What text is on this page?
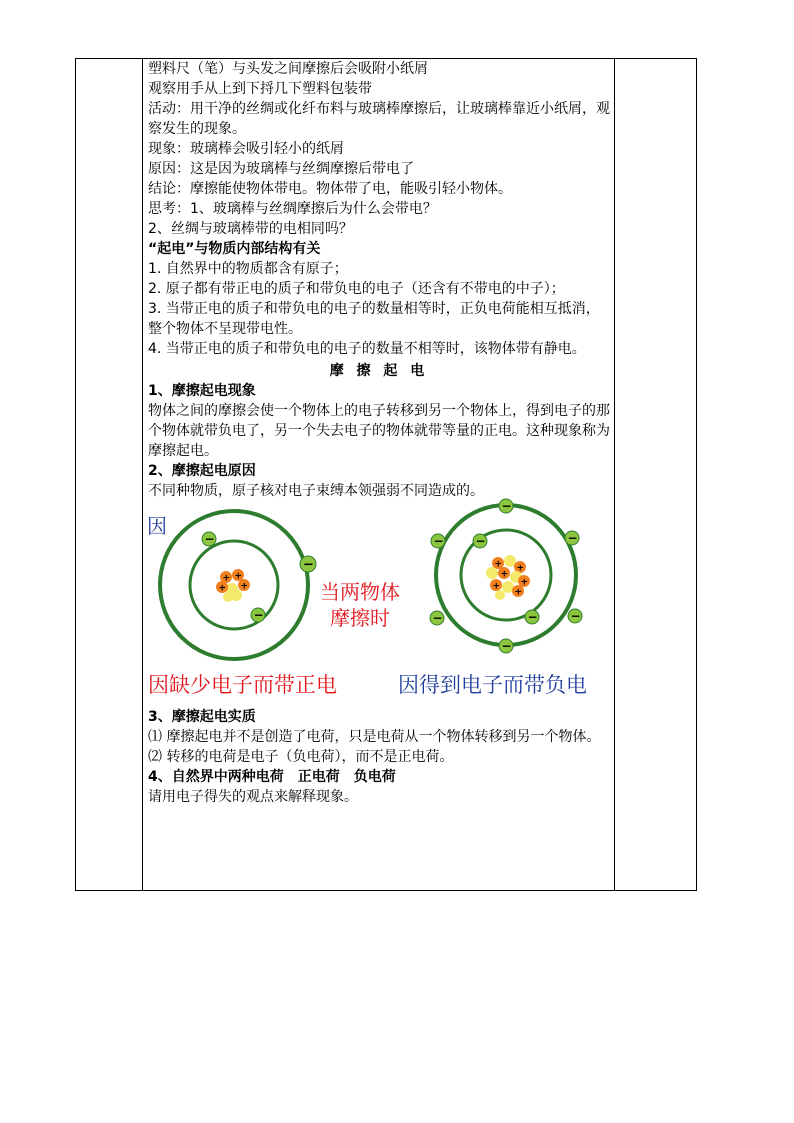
塑料尺（笔）与头发之间摩擦后会吸附小纸屑

观察用手从上到下捋几下塑料包装带

活动：用干净的丝绸或化纤布料与玻璃棒摩擦后，让玻璃棒靠近小纸屑，观察发生的现象。

现象：玻璃棒会吸引轻小的纸屑

原因：这是因为玻璃棒与丝绸摩擦后带电了

结论：摩擦能使物体带电。物体带了电，能吸引轻小物体。

思考：1、玻璃棒与丝绸摩擦后为什么会带电？

2、丝绸与玻璃棒带的电相同吗？

“起电”与物质内部结构有关

1. 自然界中的物质都含有原子；

2. 原子都有带正电的质子和带负电的电子（还含有不带电的中子）；

3. 当带正电的质子和带负电的电子的数量相等时，正负电荷能相互抵消，整个物体不呈现带电性。

4. 当带正电的质子和带负电的电子的数量不相等时，该物体带有静电。

摩 擦 起 电

1、摩擦起电现象

物体之间的摩擦会使一个物体上的电子转移到另一个物体上，得到电子的那个物体就带负电了，另一个失去电子的物体就带等量的正电。这种现象称为摩擦起电。

2、摩擦起电原因

不同种物质，原子核对电子束缚本领强弱不同造成的。

因
+ +
+
+
−
−
−
当两物体
摩擦时
+ +
+
+
+
+
−
−	−	−
−	−	−
−
因缺少电子而带正电	因得到电子而带负电

3、摩擦起电实质

⑴ 摩擦起电并不是创造了电荷，只是电荷从一个物体转移到另一个物体。

⑵ 转移的电荷是电子（负电荷），而不是正电荷。

4、自然界中两种电荷　正电荷　负电荷

请用电子得失的观点来解释现象。
